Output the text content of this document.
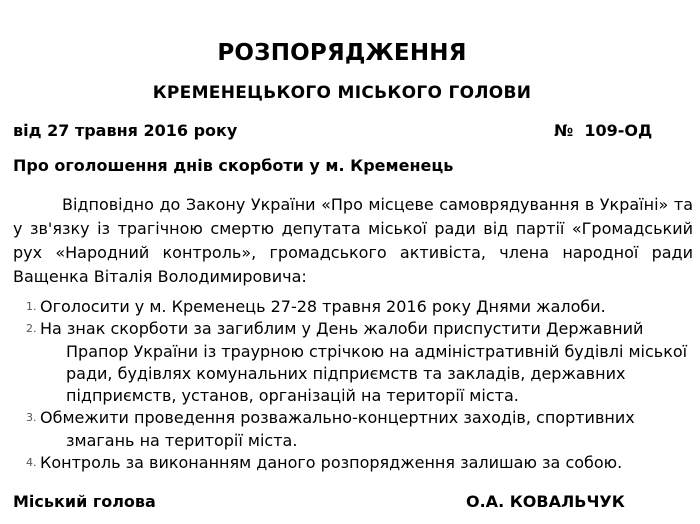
РОЗПОРЯДЖЕННЯ
КРЕМЕНЕЦЬКОГО МІСЬКОГО ГОЛОВИ
від 27 травня 2016 року	№  109-ОД
Про оголошення днів скорботи у м. Кременець
Відповідно до Закону України «Про місцеве самоврядування в Україні» та
у зв'язку із трагічною смертю депутата міської ради від партії «Громадський
рух «Народний контроль», громадського активіста, члена народної ради
Ващенка Віталія Володимировича:
1. Оголосити у м. Кременець 27-28 травня 2016 року Днями жалоби.
2. На знак скорботи за загиблим у День жалоби приспустити Державний
Прапор України із траурною стрічкою на адміністративній будівлі міської
ради, будівлях комунальних підприємств та закладів, державних
підприємств, установ, організацій на території міста.
3. Обмежити проведення розважально-концертних заходів, спортивних
змагань на території міста.
4. Контроль за виконанням даного розпорядження залишаю за собою.
Міський голова	О.А. КОВАЛЬЧУК
